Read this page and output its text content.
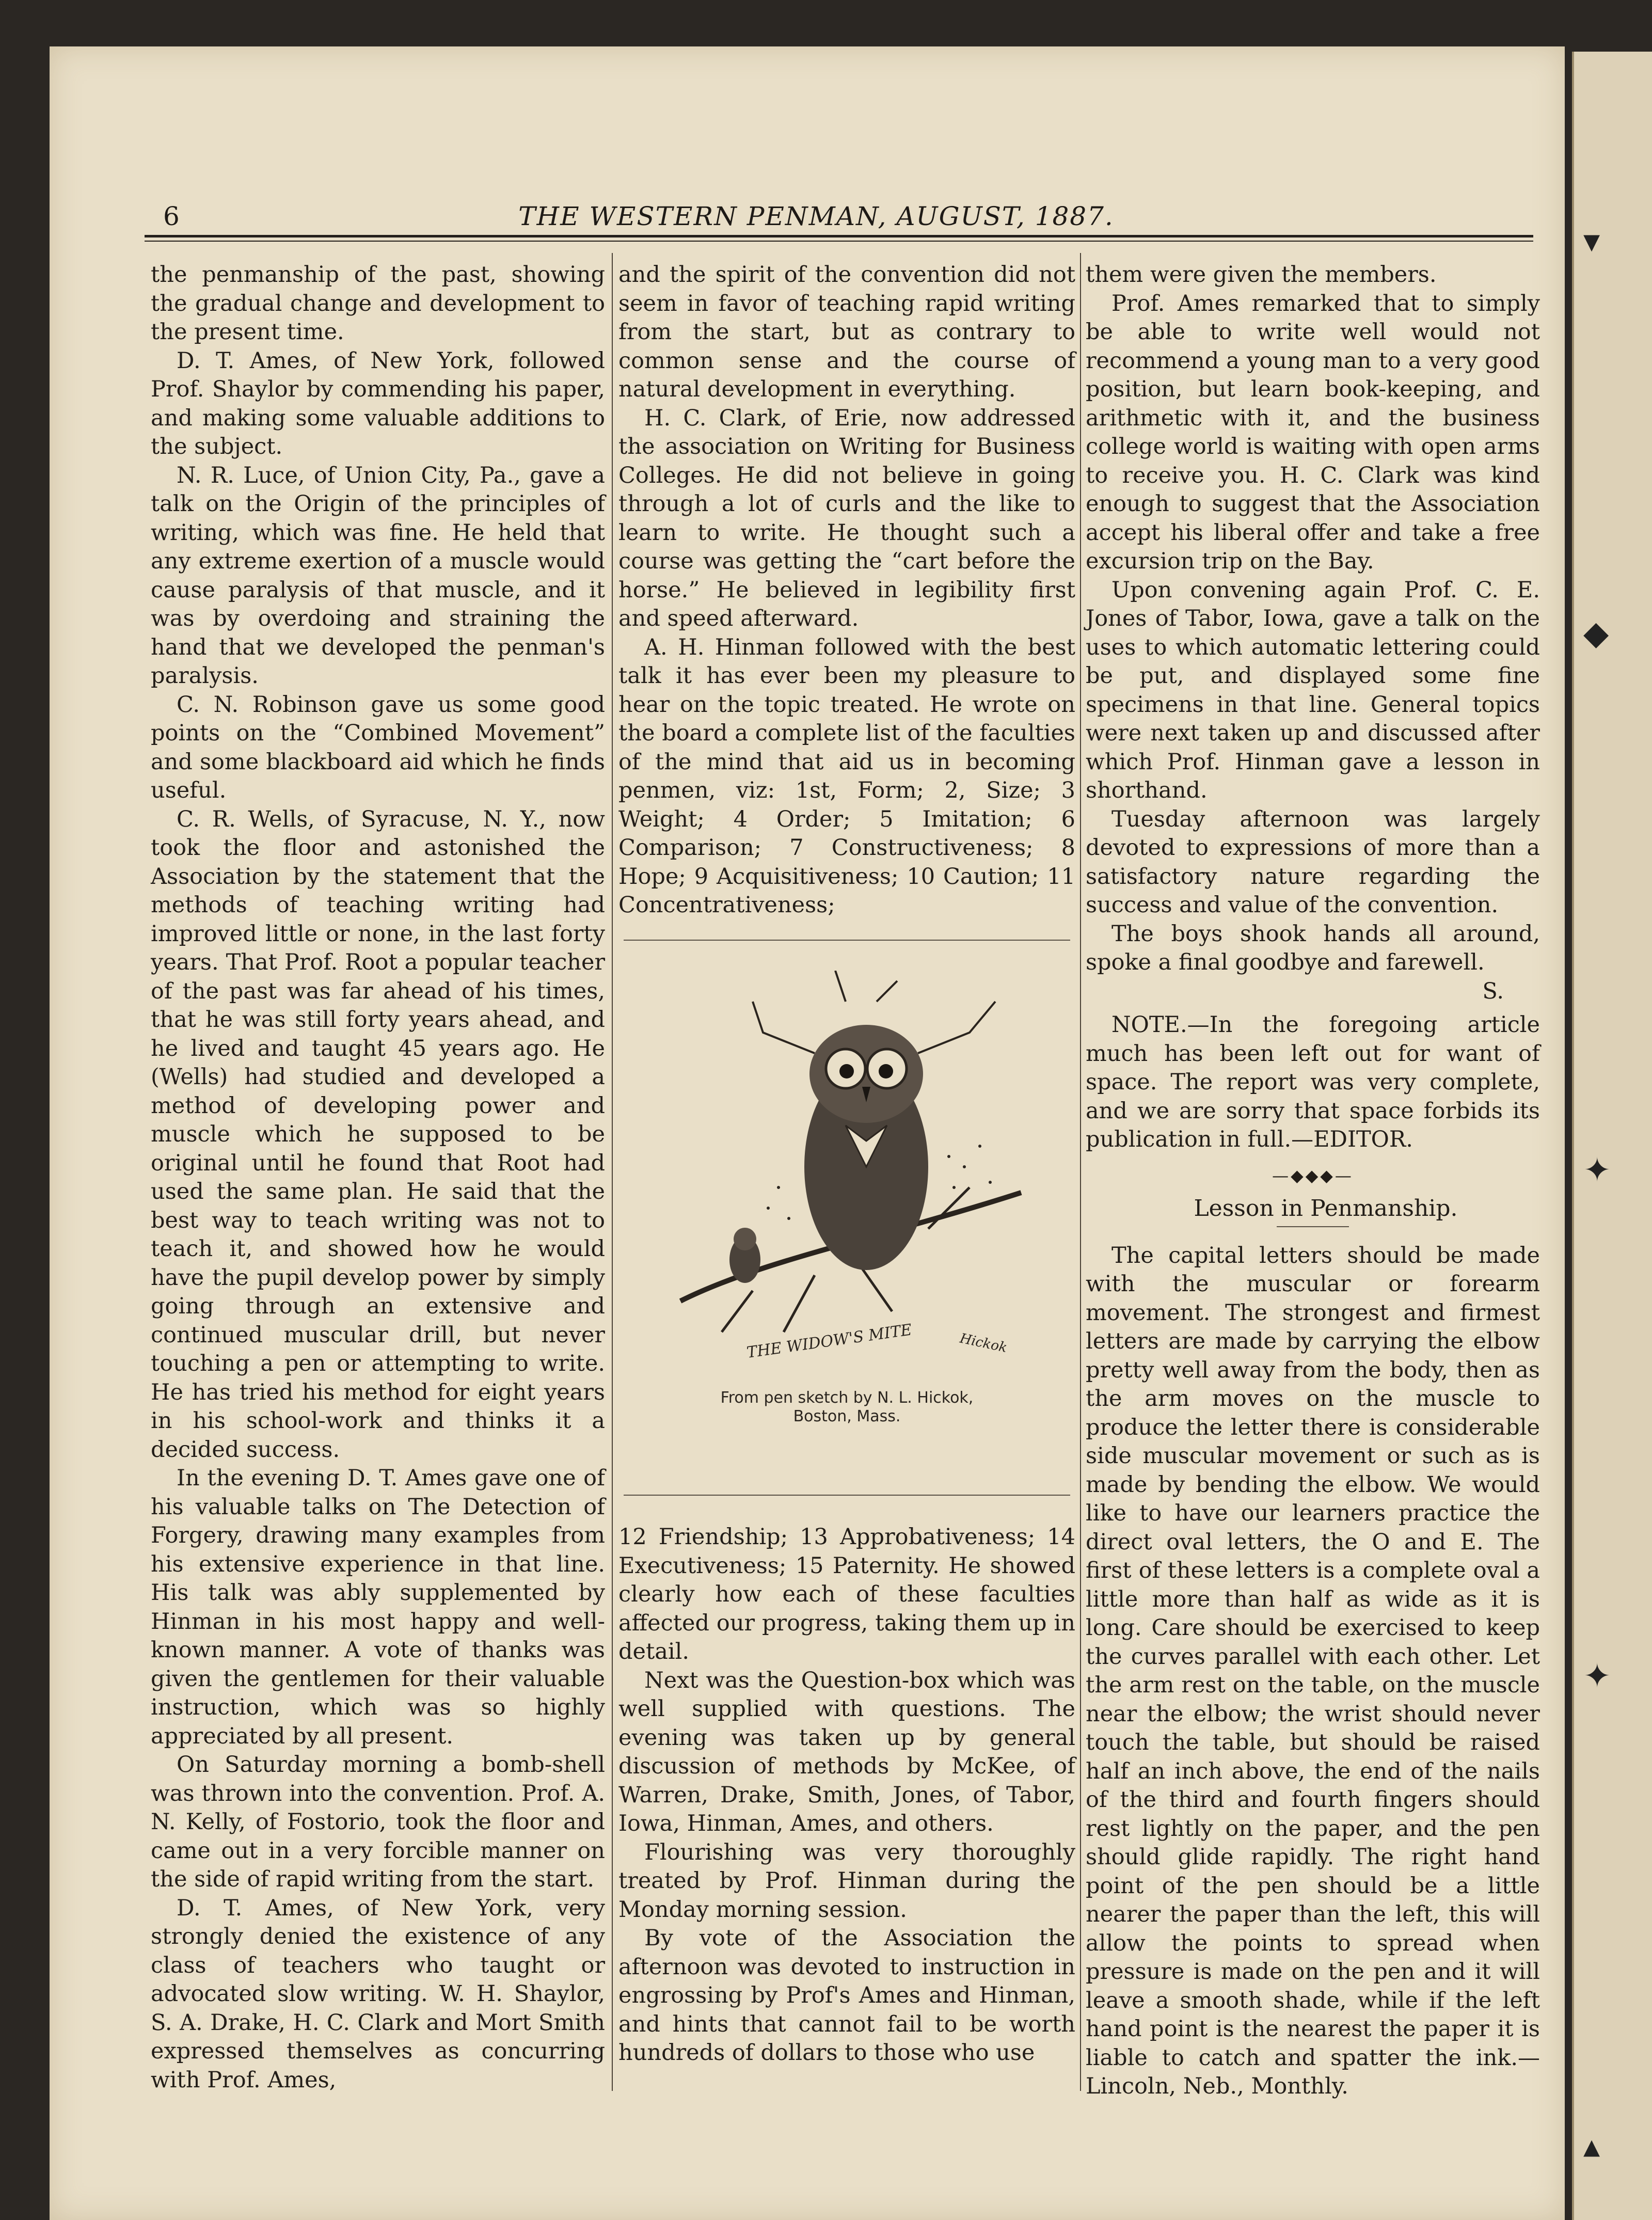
▾
◆
✦
✦
▴
6	THE WESTERN PENMAN, AUGUST, 1887.

the penmanship of the past, showing the gradual change and development to the present time.

D. T. Ames, of New York, followed Prof. Shaylor by commending his paper, and making some valuable additions to the subject.

N. R. Luce, of Union City, Pa., gave a talk on the Origin of the principles of writing, which was fine. He held that any extreme exertion of a muscle would cause paralysis of that muscle, and it was by overdoing and straining the hand that we developed the penman's paralysis.

C. N. Robinson gave us some good points on the “Combined Movement” and some blackboard aid which he finds useful.

C. R. Wells, of Syracuse, N. Y., now took the floor and astonished the Association by the statement that the methods of teaching writing had improved little or none, in the last forty years. That Prof. Root a popular teacher of the past was far ahead of his times, that he was still forty years ahead, and he lived and taught 45 years ago. He (Wells) had studied and developed a method of developing power and muscle which he supposed to be original until he found that Root had used the same plan. He said that the best way to teach writing was not to teach it, and showed how he would have the pupil develop power by simply going through an extensive and continued muscular drill, but never touching a pen or attempting to write. He has tried his method for eight years in his school-work and thinks it a decided success.

In the evening D. T. Ames gave one of his valuable talks on The Detection of Forgery, drawing many examples from his extensive experience in that line. His talk was ably supplemented by Hinman in his most happy and well-known manner. A vote of thanks was given the gentlemen for their valuable instruction, which was so highly appreciated by all present.

On Saturday morning a bomb-shell was thrown into the convention. Prof. A. N. Kelly, of Fostorio, took the floor and came out in a very forcible manner on the side of rapid writing from the start.

D. T. Ames, of New York, very strongly denied the existence of any class of teachers who taught or advocated slow writing. W. H. Shaylor, S. A. Drake, H. C. Clark and Mort Smith expressed themselves as concurring with Prof. Ames,

and the spirit of the convention did not seem in favor of teaching rapid writing from the start, but as contrary to common sense and the course of natural development in everything.

H. C. Clark, of Erie, now addressed the association on Writing for Business Colleges. He did not believe in going through a lot of curls and the like to learn to write. He thought such a course was getting the “cart before the horse.” He believed in legibility first and speed afterward.

A. H. Hinman followed with the best talk it has ever been my pleasure to hear on the topic treated. He wrote on the board a complete list of the faculties of the mind that aid us in becoming penmen, viz: 1st, Form; 2, Size; 3 Weight; 4 Order; 5 Imitation; 6 Comparison; 7 Constructiveness; 8 Hope; 9 Acquisitiveness; 10 Caution; 11 Concentrativeness;

THE WIDOW'S MITE	Hickok
From pen sketch by N. L. Hickok,
Boston, Mass.

12 Friendship; 13 Approbativeness; 14 Executiveness; 15 Paternity. He showed clearly how each of these faculties affected our progress, taking them up in detail.

Next was the Question-box which was well supplied with questions. The evening was taken up by general discussion of methods by McKee, of Warren, Drake, Smith, Jones, of Tabor, Iowa, Hinman, Ames, and others.

Flourishing was very thoroughly treated by Prof. Hinman during the Monday morning session.

By vote of the Association the afternoon was devoted to instruction in engrossing by Prof's Ames and Hinman, and hints that cannot fail to be worth hundreds of dollars to those who use

them were given the members.

Prof. Ames remarked that to simply be able to write well would not recommend a young man to a very good position, but learn book-keeping, and arithmetic with it, and the business college world is waiting with open arms to receive you. H. C. Clark was kind enough to suggest that the Association accept his liberal offer and take a free excursion trip on the Bay.

Upon convening again Prof. C. E. Jones of Tabor, Iowa, gave a talk on the uses to which automatic lettering could be put, and displayed some fine specimens in that line. General topics were next taken up and discussed after which Prof. Hinman gave a lesson in shorthand.

Tuesday afternoon was largely devoted to expressions of more than a satisfactory nature regarding the success and value of the convention.

The boys shook hands all around, spoke a final goodbye and farewell.

S.

NOTE.—In the foregoing article much has been left out for want of space. The report was very complete, and we are sorry that space forbids its publication in full.—EDITOR.

—◆◆◆—

Lesson in Penmanship.

The capital letters should be made with the muscular or forearm movement. The strongest and firmest letters are made by carrying the elbow pretty well away from the body, then as the arm moves on the muscle to produce the letter there is considerable side muscular movement or such as is made by bending the elbow. We would like to have our learners practice the direct oval letters, the O and E. The first of these letters is a complete oval a little more than half as wide as it is long. Care should be exercised to keep the curves parallel with each other. Let the arm rest on the table, on the muscle near the elbow; the wrist should never touch the table, but should be raised half an inch above, the end of the nails of the third and fourth fingers should rest lightly on the paper, and the pen should glide rapidly. The right hand point of the pen should be a little nearer the paper than the left, this will allow the points to spread when pressure is made on the pen and it will leave a smooth shade, while if the left hand point is the nearest the paper it is liable to catch and spatter the ink.—Lincoln, Neb., Monthly.
